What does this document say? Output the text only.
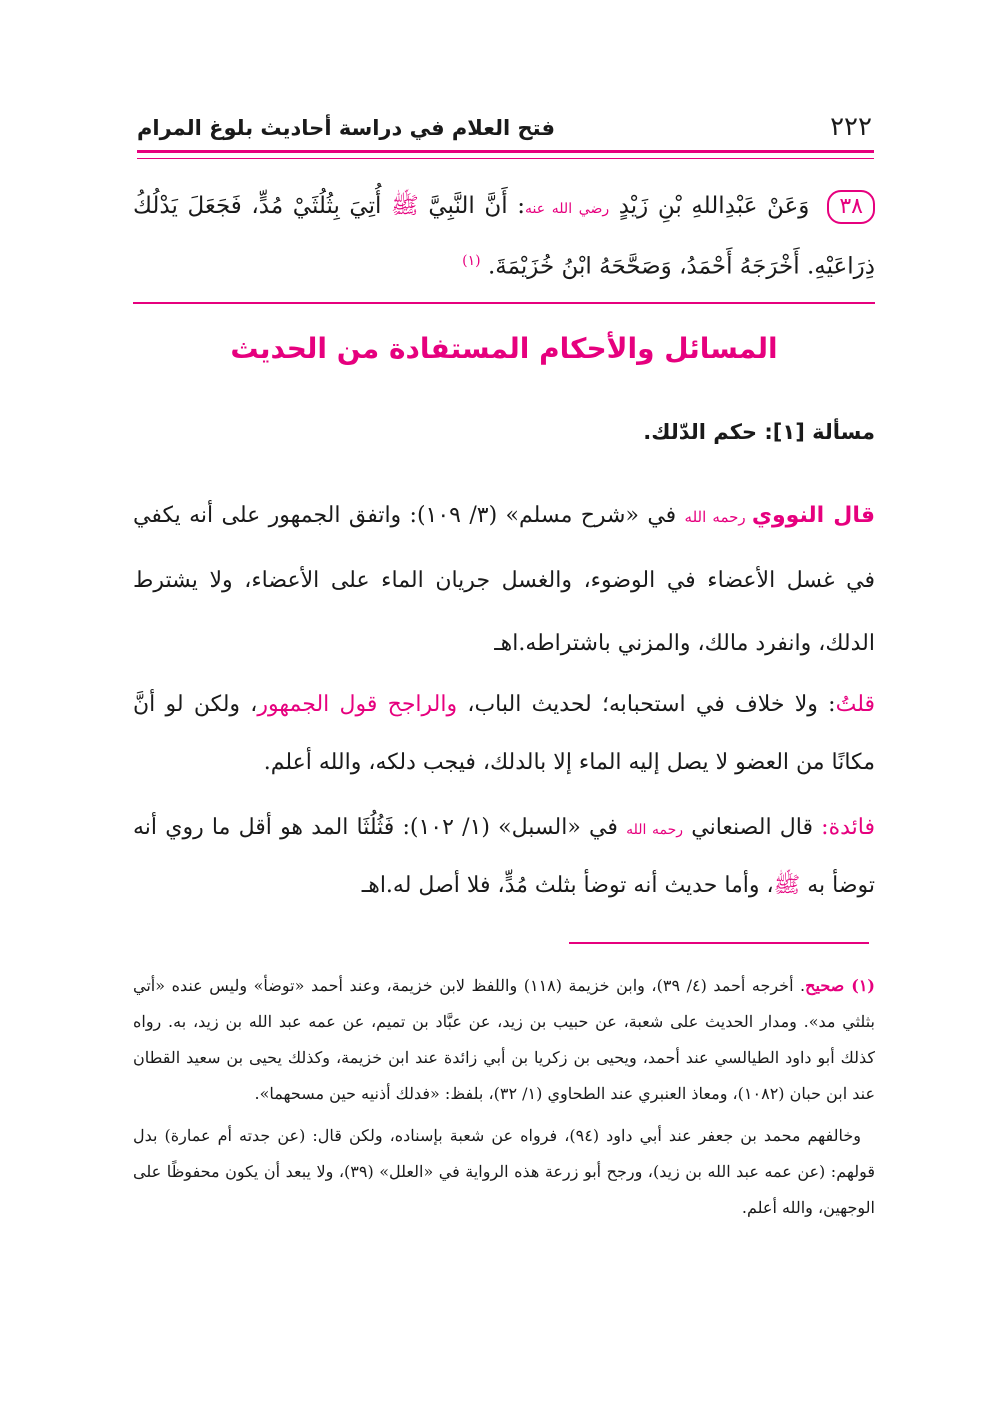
٢٢٢
فتح العلام في دراسة أحاديث بلوغ المرام
٣٨وَعَنْ عَبْدِاللهِ بْنِ زَيْدٍ رضي الله عنه: أَنَّ النَّبِيَّ ﷺ أُتِيَ بِثُلُثَيْ مُدٍّ، فَجَعَلَ يَدْلُكُ ذِرَاعَيْهِ. أَخْرَجَهُ أَحْمَدُ، وَصَحَّحَهُ ابْنُ خُزَيْمَةَ. $^{(١)}$
المسائل والأحكام المستفادة من الحديث
مسألة [١]: حكم الدّلك.
قال النووي رحمه الله في «شرح مسلم» (٣/ ١٠٩): واتفق الجمهور على أنه يكفي في غسل الأعضاء في الوضوء، والغسل جريان الماء على الأعضاء، ولا يشترط الدلك، وانفرد مالك، والمزني باشتراطه.اهـ
قلتُ: ولا خلاف في استحبابه؛ لحديث الباب، والراجح قول الجمهور، ولكن لو أنَّ مكانًا من العضو لا يصل إليه الماء إلا بالدلك، فيجب دلكه، والله أعلم.
فائدة: قال الصنعاني رحمه الله في «السبل» (١/ ١٠٢): فَثُلُثَا المد هو أقل ما روي أنه توضأ به ﷺ، وأما حديث أنه توضأ بثلث مُدٍّ، فلا أصل له.اهـ

(١) صحيح. أخرجه أحمد (٤/ ٣٩)، وابن خزيمة (١١٨) واللفظ لابن خزيمة، وعند أحمد «توضأ» وليس عنده «أتي بثلثي مد». ومدار الحديث على شعبة، عن حبيب بن زيد، عن عبَّاد بن تميم، عن عمه عبد الله بن زيد، به. رواه كذلك أبو داود الطيالسي عند أحمد، ويحيى بن زكريا بن أبي زائدة عند ابن خزيمة، وكذلك يحيى بن سعيد القطان عند ابن حبان (١٠٨٢)، ومعاذ العنبري عند الطحاوي (١/ ٣٢)، بلفظ: «فدلك أذنيه حين مسحهما».

وخالفهم محمد بن جعفر عند أبي داود (٩٤)، فرواه عن شعبة بإسناده، ولكن قال: (عن جدته أم عمارة) بدل قولهم: (عن عمه عبد الله بن زيد)، ورجح أبو زرعة هذه الرواية في «العلل» (٣٩)، ولا يبعد أن يكون محفوظًا على الوجهين، والله أعلم.
